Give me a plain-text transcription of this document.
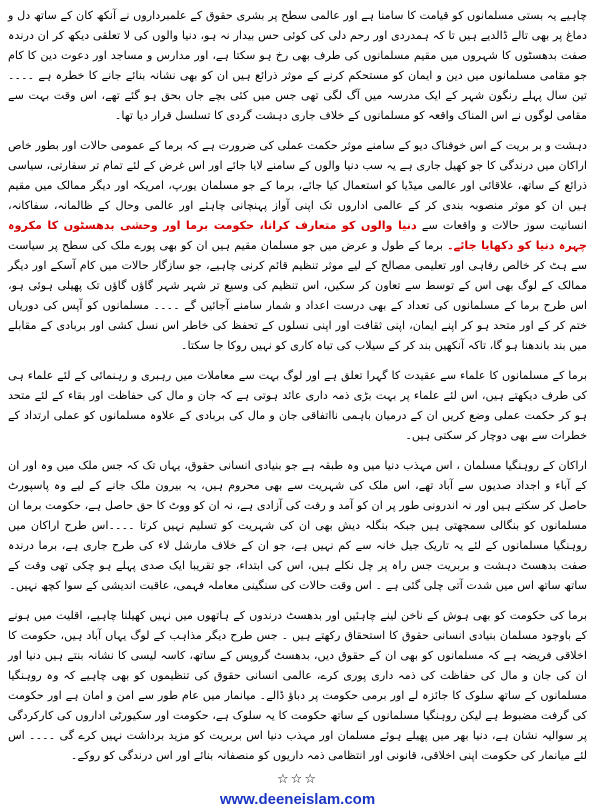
چاہیے یہ بستی مسلمانوں کو قیامت کا سامنا ہے اور عالمی سطح پر بشری حقوق کے علمبرداروں نے آنکھ کان کے ساتھ دل و دماغ پر بھی تالے ڈالدیے ہیں تا کہ ہمدردی اور رحم دلی کی کوئی حس بیدار نہ ہو، دنیا والوں کی لا تعلقی دیکھ کر ان درندہ صفت بدھسٹوں کا شہروں میں مقیم مسلمانوں کی طرف بھی رخ ہو سکتا ہے، اور مدارس و مساجد اور دعوت دین کا کام جو مقامی مسلمانوں میں دین و ایمان کو مستحکم کرنے کے موثر ذرائع ہیں ان کو بھی نشانہ بنائے جانے کا خطرہ ہے ۔۔۔۔تین سال پہلے رنگون شہر کے ایک مدرسہ میں آگ لگی تھی جس میں کئی بچے جاں بحق ہو گئے تھے، اس وقت بہت سے مقامی لوگوں نے اس المناک واقعہ کو مسلمانوں کے خلاف جاری دہشت گردی کا تسلسل قرار دیا تھا۔

دہشت و بر بریت کے اس خوفناک دیو کے سامنے موثر حکمت عملی کی ضرورت ہے کہ برما کے عمومی حالات اور بطور خاص اراکان میں درندگی کا جو کھیل جاری ہے یہ سب دنیا والوں کے سامنے لایا جائے اور اس غرض کے لئے تمام تر سفارتی، سیاسی ذرائع کے ساتھ، علاقائی اور عالمی میڈیا کو استعمال کیا جائے، برما کے جو مسلمان یورپ، امریکہ اور دیگر ممالک میں مقیم ہیں ان کو موثر منصوبہ بندی کر کے عالمی اداروں تک اپنی آواز پہنچانی چاہئے اور عالمی وحال کے ظالمانہ، سفاکانہ، انسانیت سوز حالات و واقعات سے دنیا والوں کو متعارف کرانا، حکومت برما اور وحشی بدھسٹوں کا مکروہ چہرہ دنیا کو دکھایا جائے۔ برما کے طول و عرض میں جو مسلمان مقیم ہیں ان کو بھی پورے ملک کی سطح پر سیاست سے ہٹ کر خالص رفاہی اور تعلیمی مصالح کے لیے موثر تنظیم قائم کرنی چاہیے، جو سازگار حالات میں کام آسکے اور دیگر ممالک کے لوگ بھی اس کے توسط سے تعاون کر سکیں، اس تنظیم کی وسیع تر شہر شہر گاؤں گاؤں تک پھیلی ہوئی ہو، اس طرح برما کے مسلمانوں کی تعداد کے بھی درست اعداد و شمار سامنے آجائیں گے ۔۔۔۔ مسلمانوں کو آپس کی دوریاں ختم کر کے اور متحد ہو کر اپنے ایمان، اپنی ثقافت اور اپنی نسلوں کے تحفظ کی خاطر اس نسل کشی اور بربادی کے مقابلے میں بند باندھنا ہو گا، تاکہ آنکھیں بند کر کے سیلاب کی تباہ کاری کو نہیں روکا جا سکتا۔

برما کے مسلمانوں کا علماء سے عقیدت کا گہرا تعلق ہے اور لوگ بہت سے معاملات میں رہبری و رہنمائی کے لئے علماء ہی کی طرف دیکھتے ہیں، اس لئے علماء پر بہت بڑی ذمہ داری عائد ہوتی ہے کہ جان و مال کی حفاظت اور بقاء کے لئے متحد ہو کر حکمت عملی وضع کریں ان کے درمیان باہمی نااتفاقی جان و مال کی بربادی کے علاوہ مسلمانوں کو عملی ارتداد کے خطرات سے بھی دوچار کر سکتی ہیں۔

اراکان کے روہنگیا مسلمان ، اس مہذب دنیا میں وہ طبقہ ہے جو بنیادی انسانی حقوق، یہاں تک کہ جس ملک میں وہ اور ان کے آباء و اجداد صدیوں سے آباد تھے، اس ملک کی شہریت سے بھی محروم ہیں، یہ بیرون ملک جانے کے لیے وہ پاسپورٹ حاصل کر سکتے ہیں اور نہ اندرونی طور پر ان کو آمد و رفت کی آزادی ہے، نہ ان کو ووٹ کا حق حاصل ہے، حکومت برما ان مسلمانوں کو بنگالی سمجھتی ہیں جبکہ بنگلہ دیش بھی ان کی شہریت کو تسلیم نہیں کرتا ۔۔۔۔اس طرح اراکان میں روہنگیا مسلمانوں کے لئے یہ تاریک جیل خانہ سے کم نہیں ہے، جو ان کے خلاف مارشل لاء کی طرح جاری ہے، برما درندہ صفت بدھسٹ دہشت و بربریت جس راہ پر چل نکلے ہیں، اس کی ابتداء، جو تقریبا ایک صدی پہلے ہو چکی تھی وقت کے ساتھ ساتھ اس میں شدت آتی چلی گئی ہے ۔ اس وقت حالات کی سنگینی معاملہ فہمی، عاقبت اندیشی کے سوا کچھ نہیں۔

برما کی حکومت کو بھی ہوش کے ناخن لینے چاہئیں اور بدھسٹ درندوں کے ہاتھوں میں نہیں کھیلنا چاہیے، اقلیت میں ہونے کے باوجود مسلمان بنیادی انسانی حقوق کا استحقاق رکھتے ہیں ۔ جس طرح دیگر مذاہب کے لوگ یہاں آباد ہیں، حکومت کا اخلاقی فریضہ ہے کہ مسلمانوں کو بھی ان کے حقوق دیں، بدھسٹ گروپس کے ساتھ، کاسہ لیسی کا نشانہ بنتے ہیں دنیا اور ان کی جان و مال کی حفاظت کی ذمہ داری پوری کرے، عالمی انسانی حقوق کی تنظیموں کو بھی چاہیے کہ وہ روہنگیا مسلمانوں کے ساتھ سلوک کا جائزہ لے اور برمی حکومت پر دباؤ ڈالے۔ میانمار میں عام طور سے امن و امان ہے اور حکومت کی گرفت مضبوط ہے لیکن روہنگیا مسلمانوں کے ساتھ حکومت کا یہ سلوک ہے، حکومت اور سکیورٹی اداروں کی کارکردگی پر سوالیہ نشان ہے، دنیا بھر میں پھیلے ہوئے مسلمان اور مہذب دنیا اس بربریت کو مزید برداشت نہیں کرے گی ۔۔۔۔ اس لئے میانمار کی حکومت اپنی اخلاقی، قانونی اور انتظامی ذمہ داریوں کو منصفانہ بنائے اور اس درندگی کو روکے۔

☆☆☆
www.deeneislam.com
